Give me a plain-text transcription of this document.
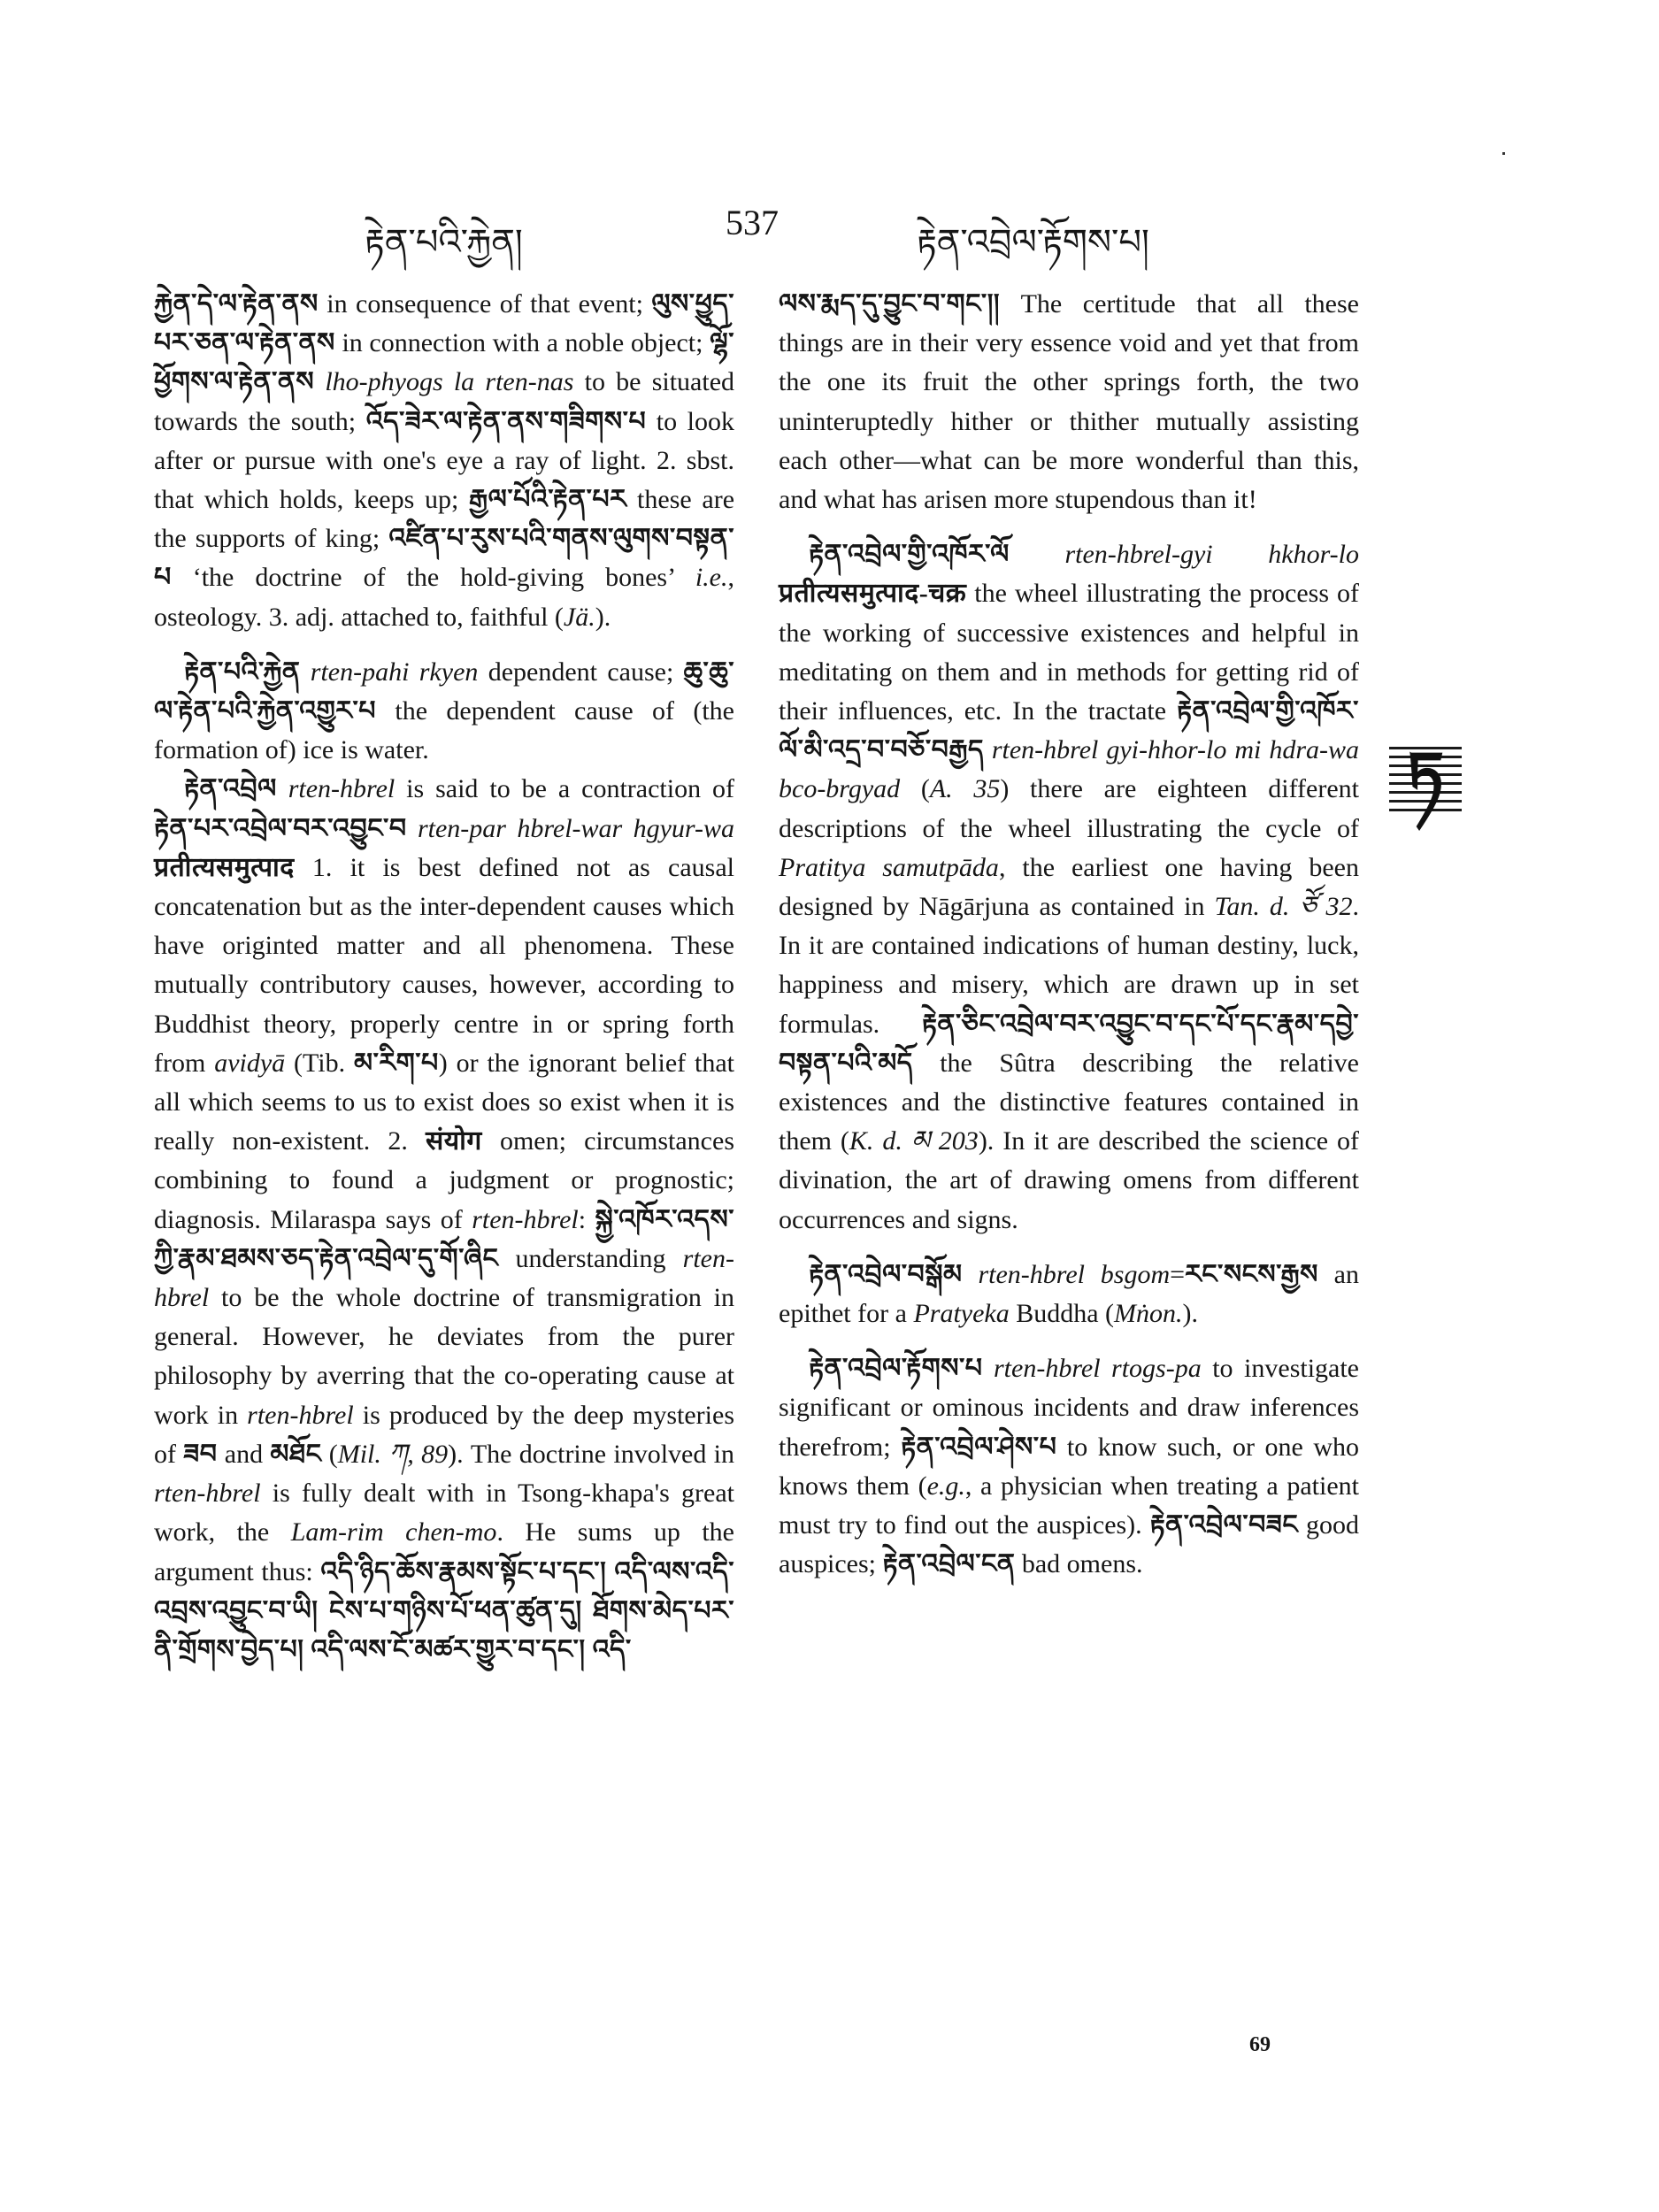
རྟེན་པའི་རྐྱེན།	537	རྟེན་འབྲེལ་རྟོགས་པ།

རྐྱེན་དེ་ལ་རྟེན་ནས in consequence of that event; ལུས་ཕྱུད་པར་ཅན་ལ་རྟེན་ནས in connection with a noble object; ལྷོ་ཕྱོགས་ལ་རྟེན་ནས lho-phyogs la rten-nas to be situated towards the south; འོད་ཟེར་ལ་རྟེན་ནས་གཟིགས་པ to look after or pursue with one's eye a ray of light. 2. sbst. that which holds, keeps up; རྒྱལ་པོའི་རྟེན་པར these are the supports of king; འཛིན་པ་རུས་པའི་གནས་ལུགས་བསྟན་པ ‘the doctrine of the hold-giving bones’ i.e., osteology. 3. adj. attached to, faithful (Jä.).

རྟེན་པའི་རྐྱེན rten-pahi rkyen dependent cause; ཆུ་ཆུ་ལ་རྟེན་པའི་རྐྱེན་འགྱུར་པ the dependent cause of (the formation of) ice is water.

རྟེན་འབྲེལ rten-hbrel is said to be a contraction of རྟེན་པར་འབྲེལ་བར་འབྱུང་བ rten-par hbrel-war hgyur-wa प्रतीत्यसमुत्पाद 1. it is best defined not as causal concatenation but as the inter-dependent causes which have originted matter and all phenomena. These mutually contributory causes, however, according to Buddhist theory, properly centre in or spring forth from avidyā (Tib. མ་རིག་པ) or the ignorant belief that all which seems to us to exist does so exist when it is really non-existent. 2. संयोग omen; circumstances combining to found a judgment or prognostic; diagnosis. Milaraspa says of rten-hbrel: སྐྱེ་འཁོར་འདས་ཀྱི་རྣམ་ཐམས་ཅད་རྟེན་འབྲེལ་དུ་གོ་ཞིང understanding rten-hbrel to be the whole doctrine of transmigration in general. However, he deviates from the purer philosophy by averring that the co-operating cause at work in rten-hbrel is produced by the deep mysteries of ཟབ and མཐོང (Mil. ཀ, 89). The doctrine involved in rten-hbrel is fully dealt with in Tsong-khapa's great work, the Lam-rim chen-mo. He sums up the argument thus: འདི་ཉིད་ཆོས་རྣམས་སྟོང་པ་དང་། འདི་ལས་འདི་འབྲས་འབྱུང་བ་ཡི། ངེས་པ་གཉིས་པོ་ཕན་ཚུན་དུ། ཐོགས་མེད་པར་ནི་གྲོགས་བྱེད་པ། འདི་ལས་ངོ་མཚར་གྱུར་བ་དང་། འདི་

ལས་རྨད་དུ་བྱུང་བ་གང་།། The certitude that all these things are in their very essence void and yet that from the one its fruit the other springs forth, the two uninteruptedly hither or thither mutually assisting each other—what can be more wonderful than this, and what has arisen more stupendous than it!

རྟེན་འབྲེལ་གྱི་འཁོར་ལོ rten-hbrel-gyi hkhor-lo प्रतीत्यसमुत्पाद-चक्र the wheel illustrating the process of the working of successive existences and helpful in meditating on them and in methods for getting rid of their influences, etc. In the tractate རྟེན་འབྲེལ་གྱི་འཁོར་ལོ་མི་འདྲ་བ་བཅོ་བརྒྱད rten-hbrel gyi-hhor-lo mi hdra-wa bco-brgyad (A. 35) there are eighteen different descriptions of the wheel illustrating the cycle of Pratitya samutpāda, the earliest one having been designed by Nāgārjuna as contained in Tan. d. ཙོ 32. In it are contained indications of human destiny, luck, happiness and misery, which are drawn up in set formulas. རྟེན་ཅིང་འབྲེལ་བར་འབྱུང་བ་དང་པོ་དང་རྣམ་དབྱེ་བསྟན་པའི་མདོ the Sûtra describing the relative existences and the distinctive features contained in them (K. d. མ 203). In it are described the science of divination, the art of drawing omens from different occurrences and signs.

རྟེན་འབྲེལ་བསྒོམ rten-hbrel bsgom=རང་སངས་རྒྱས an epithet for a Pratyeka Buddha (Mṅon.).

རྟེན་འབྲེལ་རྟོགས་པ rten-hbrel rtogs-pa to investigate significant or ominous incidents and draw inferences therefrom; རྟེན་འབྲེལ་ཤེས་པ to know such, or one who knows them (e.g., a physician when treating a patient must try to find out the auspices). རྟེན་འབྲེལ་བཟང good auspices; རྟེན་འབྲེལ་ངན bad omens.

ཏ
69
